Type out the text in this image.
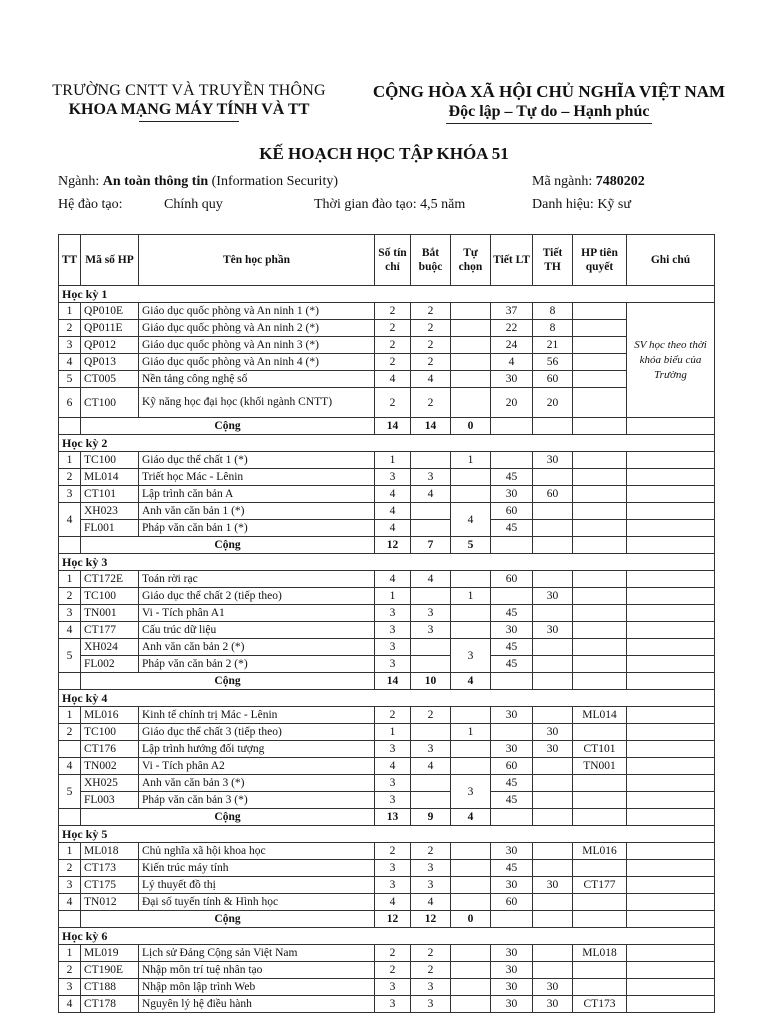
TRƯỜNG CNTT VÀ TRUYỀN THÔNG
KHOA MẠNG MÁY TÍNH VÀ TT
CỘNG HÒA XÃ HỘI CHỦ NGHĨA VIỆT NAM
Độc lập – Tự do – Hạnh phúc
KẾ HOẠCH HỌC TẬP KHÓA 51
Ngành: An toàn thông tin (Information Security)	Mã ngành: 7480202
Hệ đào tạo:	Chính quy	Thời gian đào tạo: 4,5 năm	Danh hiệu: Kỹ sư
TT	Mã số HP	Tên học phần	Số tín chỉ	Bắt buộc	Tự chọn	Tiết LT	Tiết TH	HP tiên quyết	Ghi chú
Học kỳ 1									
1	QP010E	Giáo dục quốc phòng và An ninh 1 (*)	2	2		37	8		SV học theo thời khóa biểu của Trường
2	QP011E	Giáo dục quốc phòng và An ninh 2 (*)	2	2		22	8		
3	QP012	Giáo dục quốc phòng và An ninh 3 (*)	2	2		24	21		
4	QP013	Giáo dục quốc phòng và An ninh 4 (*)	2	2		4	56		
5	CT005	Nền tảng công nghệ số	4	4		30	60		
6	CT100	Kỹ năng học đại học (khối ngành CNTT)	2	2		20	20		
	Cộng		14	14	0				
Học kỳ 2									
1	TC100	Giáo dục thể chất 1 (*)	1		1		30		
2	ML014	Triết học Mác - Lênin	3	3		45			
3	CT101	Lập trình căn bản A	4	4		30	60		
4	XH023	Anh văn căn bản 1 (*)	4		4	60			
	FL001	Pháp văn căn bản 1 (*)	4			45			
	Cộng		12	7	5				
Học kỳ 3									
1	CT172E	Toán rời rạc	4	4		60			
2	TC100	Giáo dục thể chất 2 (tiếp theo)	1		1		30		
3	TN001	Vi - Tích phân A1	3	3		45			
4	CT177	Cấu trúc dữ liệu	3	3		30	30		
5	XH024	Anh văn căn bản 2 (*)	3		3	45			
	FL002	Pháp văn căn bản 2 (*)	3			45			
	Cộng		14	10	4				
Học kỳ 4									
1	ML016	Kinh tế chính trị Mác - Lênin	2	2		30		ML014	
2	TC100	Giáo dục thể chất 3 (tiếp theo)	1		1		30		
	CT176	Lập trình hướng đối tượng	3	3		30	30	CT101	
4	TN002	Vi - Tích phân A2	4	4		60		TN001	
5	XH025	Anh văn căn bản 3 (*)	3		3	45			
	FL003	Pháp văn căn bản 3 (*)	3			45			
	Cộng		13	9	4				
Học kỳ 5									
1	ML018	Chủ nghĩa xã hội khoa học	2	2		30		ML016	
2	CT173	Kiến trúc máy tính	3	3		45			
3	CT175	Lý thuyết đồ thị	3	3		30	30	CT177	
4	TN012	Đại số tuyến tính & Hình học	4	4		60			
	Cộng		12	12	0				
Học kỳ 6									
1	ML019	Lịch sử Đảng Cộng sản Việt Nam	2	2		30		ML018	
2	CT190E	Nhập môn trí tuệ nhân tạo	2	2		30			
3	CT188	Nhập môn lập trình Web	3	3		30	30		
4	CT178	Nguyên lý hệ điều hành	3	3		30	30	CT173	
